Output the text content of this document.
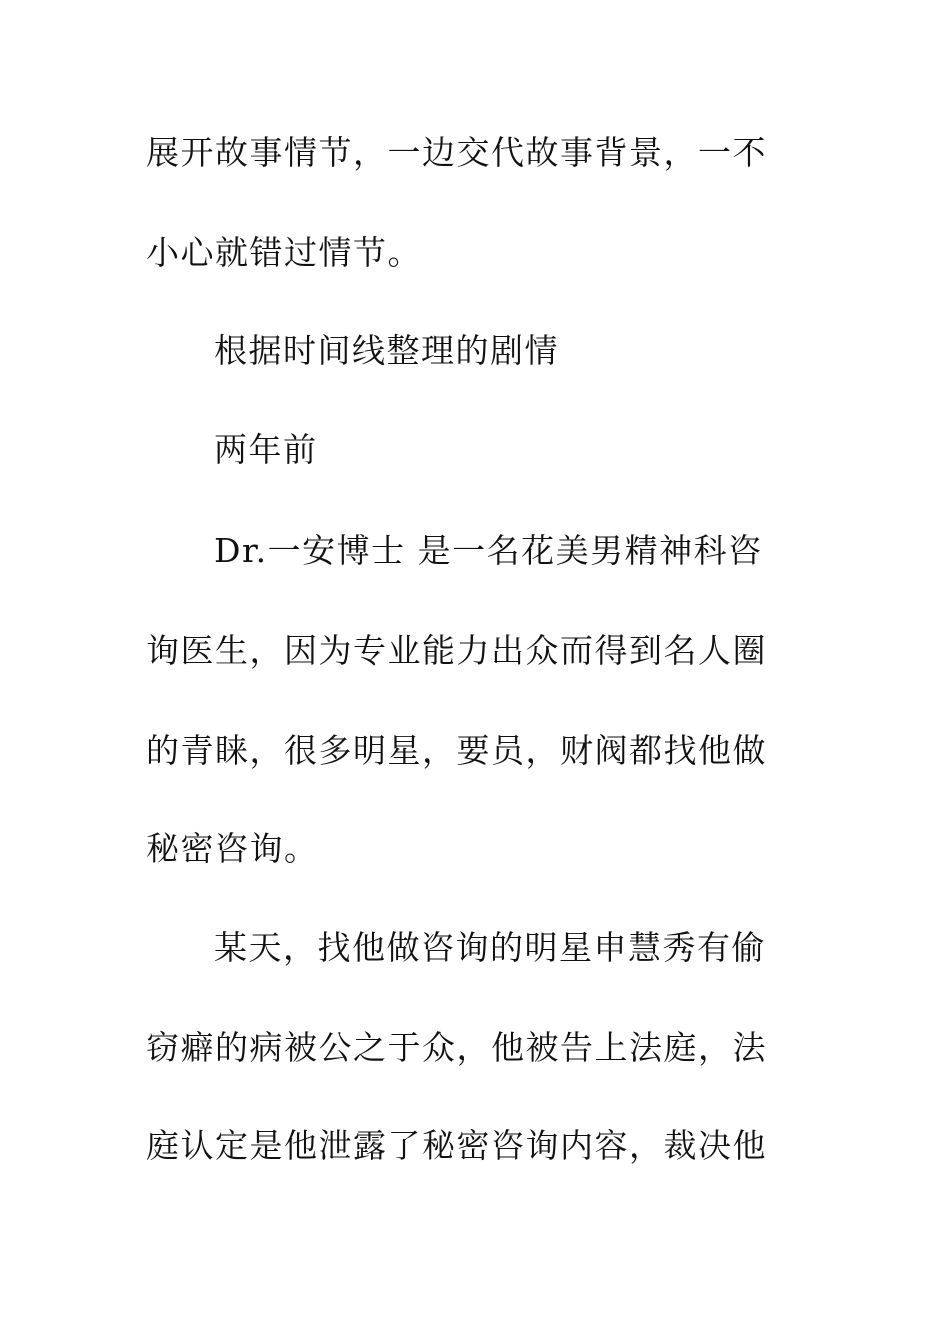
展开故事情节，一边交代故事背景，一不
小心就错过情节。
根据时间线整理的剧情
两年前
Dr.一安博士 是一名花美男精神科咨
询医生，因为专业能力出众而得到名人圈
的青睐，很多明星，要员，财阀都找他做
秘密咨询。
某天，找他做咨询的明星申慧秀有偷
窃癖的病被公之于众，他被告上法庭，法
庭认定是他泄露了秘密咨询内容，裁决他
